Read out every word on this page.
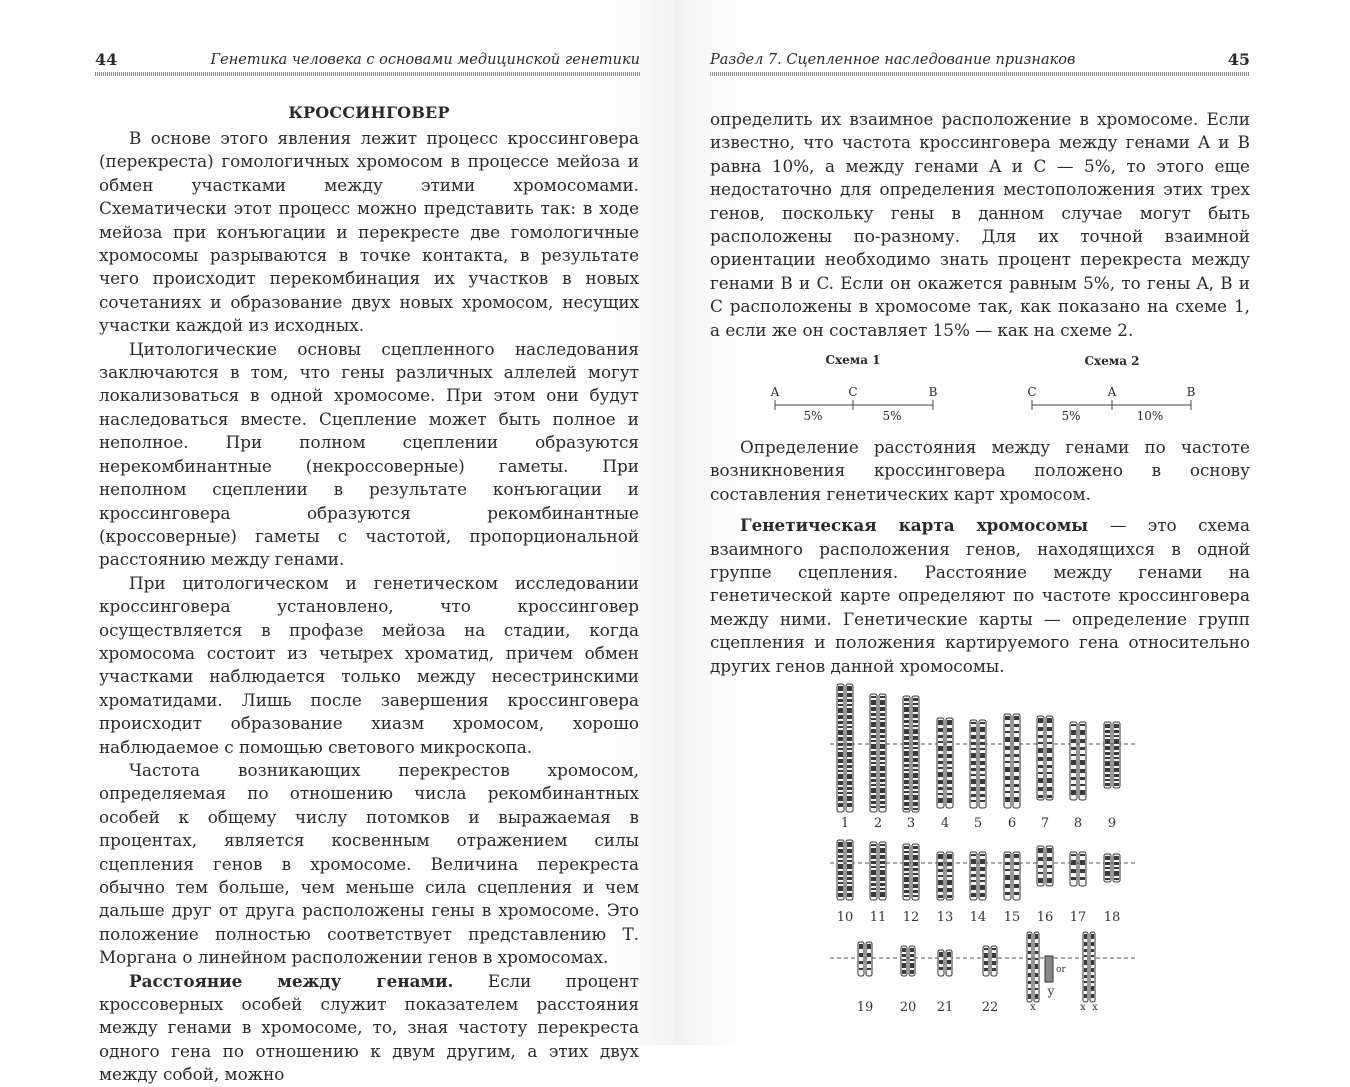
44	Генетика человека с основами медицинской генетики
КРОССИНГОВЕР

В основе этого явления лежит процесс кроссинговера (перекреста) гомологичных хромосом в процессе мейоза и обмен участками между этими хромосомами. Схематически этот процесс можно представить так: в ходе мейоза при конъюгации и перекресте две гомологичные хромосомы разрываются в точке контакта, в результате чего происходит перекомбинация их участков в новых сочетаниях и образование двух новых хромосом, несущих участки каждой из исходных.

Цитологические основы сцепленного наследования заключаются в том, что гены различных аллелей могут локализоваться в одной хромосоме. При этом они будут наследоваться вместе. Сцепление может быть полное и неполное. При полном сцеплении образуются нерекомбинантные (некроссоверные) гаметы. При неполном сцеплении в результате конъюгации и кроссинговера образуются рекомбинантные (кроссоверные) гаметы с частотой, пропорциональной расстоянию между генами.

При цитологическом и генетическом исследовании кроссинговера установлено, что кроссинговер осуществляется в профазе мейоза на стадии, когда хромосома состоит из четырех хроматид, причем обмен участками наблюдается только между несестринскими хроматидами. Лишь после завершения кроссинговера происходит образование хиазм хромосом, хорошо наблюдаемое с помощью светового микроскопа.

Частота возникающих перекрестов хромосом, определяемая по отношению числа рекомбинантных особей к общему числу потомков и выражаемая в процентах, является косвенным отражением силы сцепления генов в хромосоме. Величина перекреста обычно тем больше, чем меньше сила сцепления и чем дальше друг от друга расположены гены в хромосоме. Это положение полностью соответствует представлению Т. Моргана о линейном расположении генов в хромосомах.

Расстояние между генами. Если процент кроссоверных особей служит показателем расстояния между генами в хромосоме, то, зная частоту перекреста одного гена по отношению к двум другим, а этих двух между собой, можно

Раздел 7. Сцепленное наследование признаков	45

определить их взаимное расположение в хромосоме. Если известно, что частота кроссинговера между генами A и B равна 10%, а между генами A и C — 5%, то этого еще недостаточно для определения местоположения этих трех генов, поскольку гены в данном случае могут быть расположены по-разному. Для их точной взаимной ориентации необходимо знать процент перекреста между генами B и C. Если он окажется равным 5%, то гены A, B и C расположены в хромосоме так, как показано на схеме 1, а если же он составляет 15% — как на схеме 2.

Схема 1
A	C	B
5%	5%
Схема 2
C	A	B
5%	10%

Определение расстояния между генами по частоте возникновения кроссинговера положено в основу составления генетических карт хромосом.

Генетическая карта хромосомы — это схема взаимного расположения генов, находящихся в одной группе сцепления. Расстояние между генами на генетической карте определяют по частоте кроссинговера между ними. Генетические карты — определение групп сцепления и положения картируемого гена относительно других генов данной хромосомы.

1 2 3 4 5 6 7 8 9
10 11 12 13 14 15 16 17 18
19 20 21 22	x
y
or
x x
